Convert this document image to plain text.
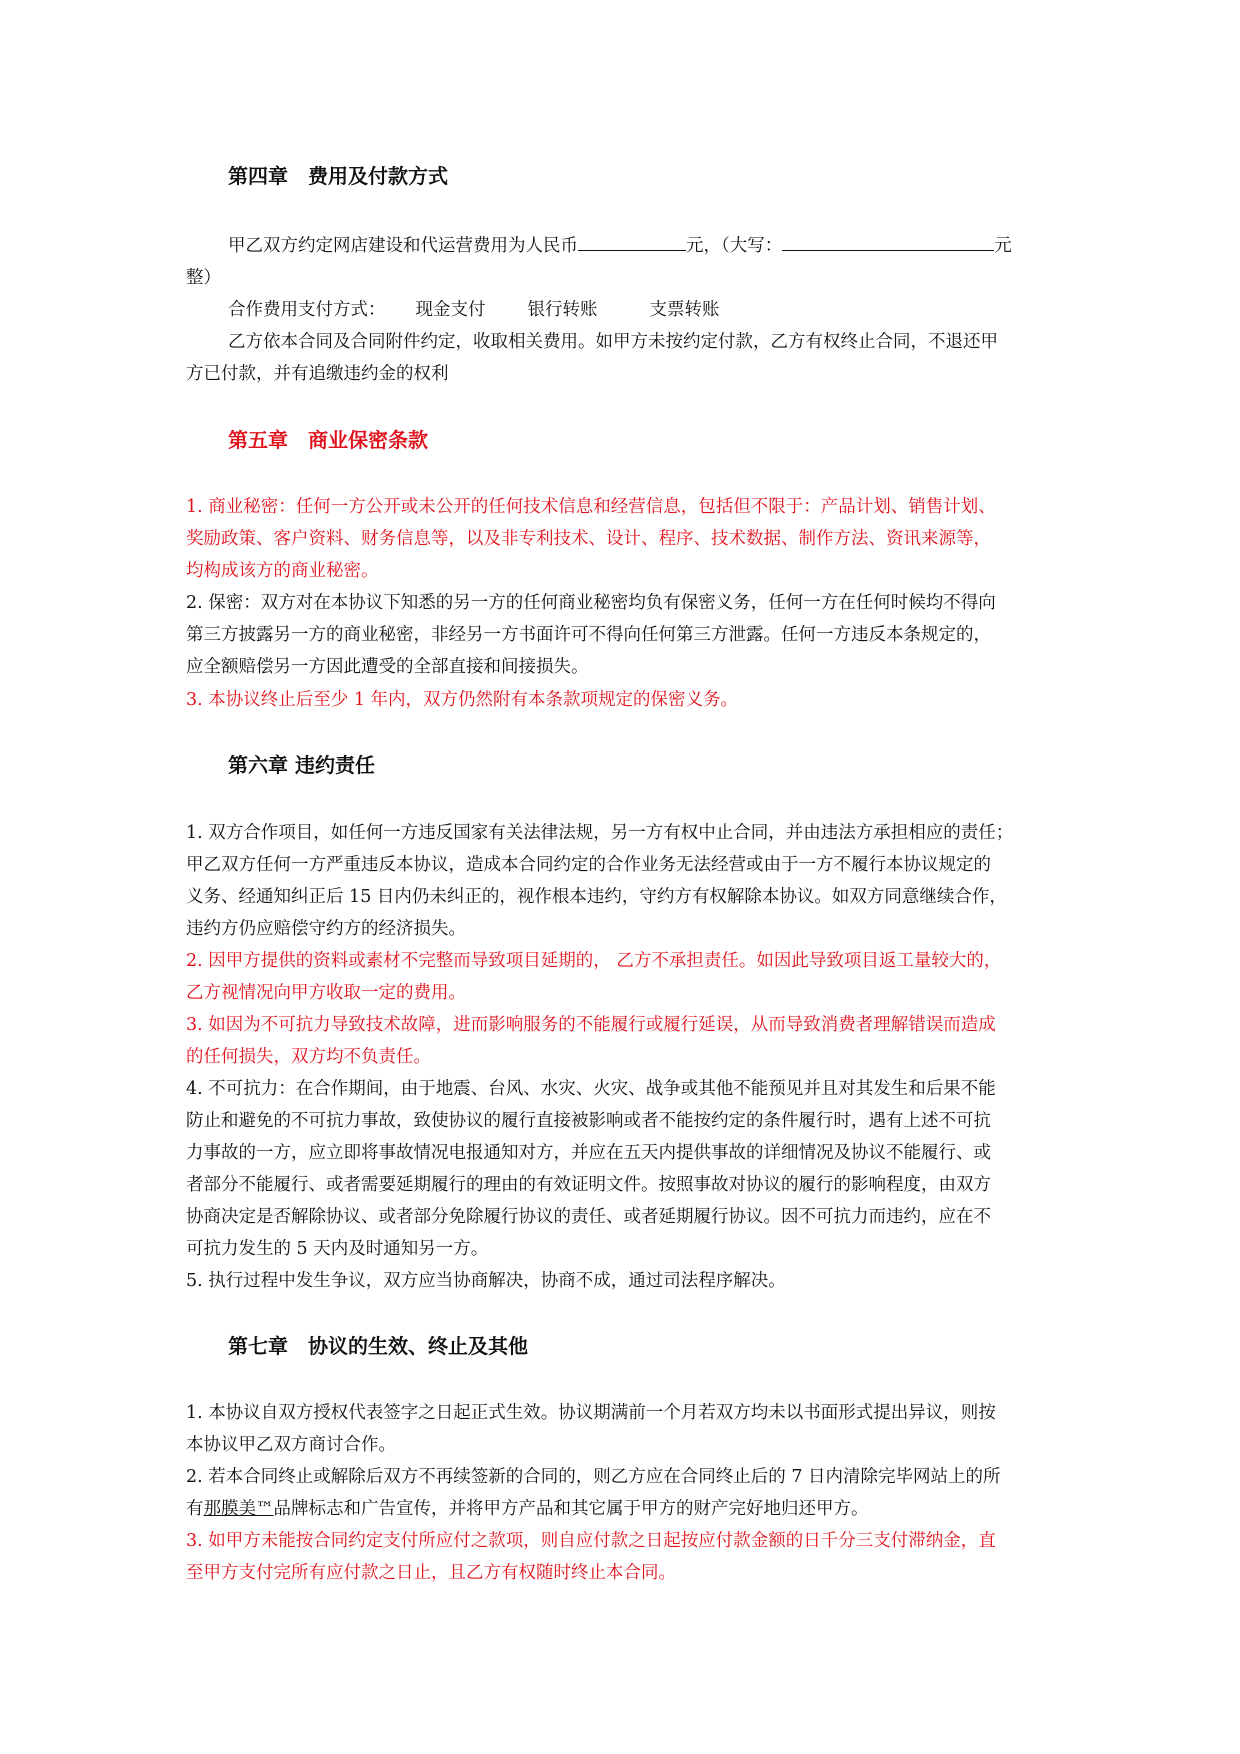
第四章　费用及付款方式
甲乙双方约定网店建设和代运营费用为人民币	元，（大写：	元
整）
合作费用支付方式： 现金支付 银行转账	支票转账
乙方依本合同及合同附件约定，收取相关费用。如甲方未按约定付款，乙方有权终止合同，不退还甲
方已付款，并有追缴违约金的权利
第五章　商业保密条款
1. 商业秘密：任何一方公开或未公开的任何技术信息和经营信息，包括但不限于：产品计划、销售计划、
奖励政策、客户资料、财务信息等，以及非专利技术、设计、程序、技术数据、制作方法、资讯来源等，
均构成该方的商业秘密。
2. 保密：双方对在本协议下知悉的另一方的任何商业秘密均负有保密义务，任何一方在任何时候均不得向
第三方披露另一方的商业秘密，非经另一方书面许可不得向任何第三方泄露。任何一方违反本条规定的，
应全额赔偿另一方因此遭受的全部直接和间接损失。
3. 本协议终止后至少 1 年内，双方仍然附有本条款项规定的保密义务。
第六章 违约责任
1. 双方合作项目，如任何一方违反国家有关法律法规，另一方有权中止合同，并由违法方承担相应的责任；
甲乙双方任何一方严重违反本协议，造成本合同约定的合作业务无法经营或由于一方不履行本协议规定的
义务、经通知纠正后 15 日内仍未纠正的，视作根本违约，守约方有权解除本协议。如双方同意继续合作，
违约方仍应赔偿守约方的经济损失。
2. 因甲方提供的资料或素材不完整而导致项目延期的， 乙方不承担责任。如因此导致项目返工量较大的，
乙方视情况向甲方收取一定的费用。
3. 如因为不可抗力导致技术故障，进而影响服务的不能履行或履行延误，从而导致消费者理解错误而造成
的任何损失，双方均不负责任。
4. 不可抗力：在合作期间，由于地震、台风、水灾、火灾、战争或其他不能预见并且对其发生和后果不能
防止和避免的不可抗力事故，致使协议的履行直接被影响或者不能按约定的条件履行时，遇有上述不可抗
力事故的一方，应立即将事故情况电报通知对方，并应在五天内提供事故的详细情况及协议不能履行、或
者部分不能履行、或者需要延期履行的理由的有效证明文件。按照事故对协议的履行的影响程度，由双方
协商决定是否解除协议、或者部分免除履行协议的责任、或者延期履行协议。因不可抗力而违约，应在不
可抗力发生的 5 天内及时通知另一方。
5. 执行过程中发生争议，双方应当协商解决，协商不成，通过司法程序解决。
第七章　协议的生效、终止及其他
1. 本协议自双方授权代表签字之日起正式生效。协议期满前一个月若双方均未以书面形式提出异议，则按
本协议甲乙双方商讨合作。
2. 若本合同终止或解除后双方不再续签新的合同的，则乙方应在合同终止后的 7 日内清除完毕网站上的所
有那膜美™品牌标志和广告宣传，并将甲方产品和其它属于甲方的财产完好地归还甲方。
3. 如甲方未能按合同约定支付所应付之款项，则自应付款之日起按应付款金额的日千分三支付滞纳金，直
至甲方支付完所有应付款之日止，且乙方有权随时终止本合同。
